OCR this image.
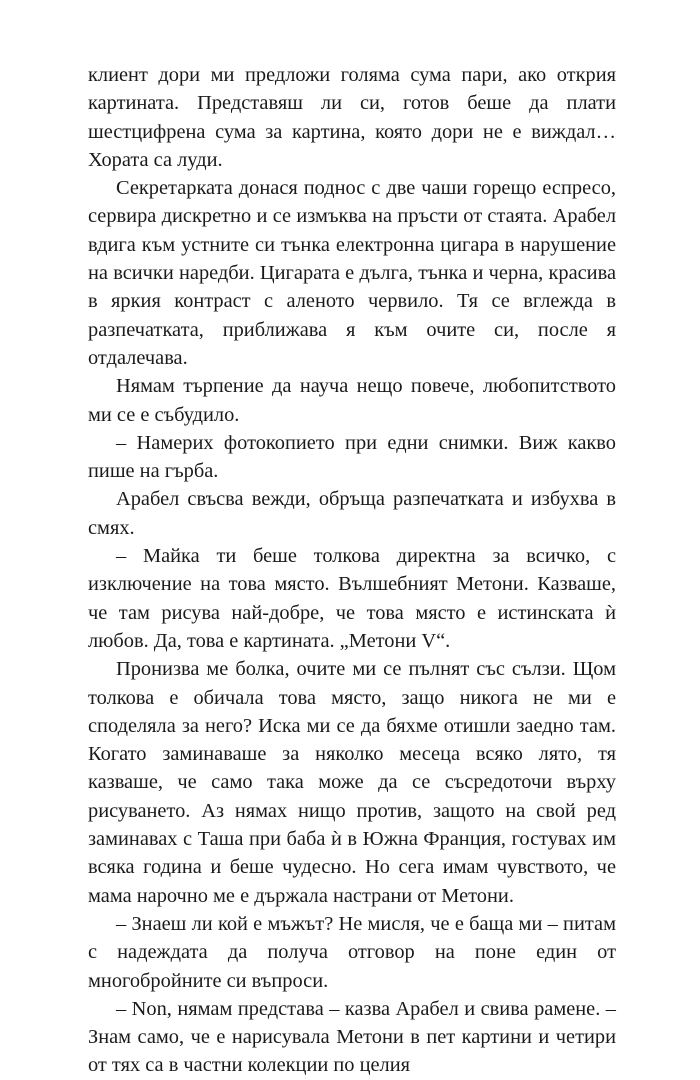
клиент дори ми предложи голяма сума пари, ако открия картината. Представяш ли си, готов беше да плати шестцифрена сума за картина, която дори не е виждал… Хората са луди.

Секретарката донася поднос с две чаши горещо еспресо, сервира дискретно и се измъква на пръсти от стаята. Арабел вдига към устните си тънка електронна цигара в нарушение на всички наредби. Цигарата е дълга, тънка и черна, красива в яркия контраст с аленото червило. Тя се вглежда в разпечатката, приближава я към очите си, после я отдалечава.

Нямам търпение да науча нещо повече, любопитството ми се е събудило.

– Намерих фотокопието при едни снимки. Виж какво пише на гърба.

Арабел свъсва вежди, обръща разпечатката и избухва в смях.

– Майка ти беше толкова директна за всичко, с изключение на това място. Вълшебният Метони. Казваше, че там рисува най-добре, че това място е истинската ѝ любов. Да, това е картината. „Метони V“.

Пронизва ме болка, очите ми се пълнят със сълзи. Щом толкова е обичала това място, защо никога не ми е споделяла за него? Иска ми се да бяхме отишли заедно там. Когато заминаваше за няколко месеца всяко лято, тя казваше, че само така може да се съсредоточи върху рисуването. Аз нямах нищо против, защото на свой ред заминавах с Таша при баба ѝ в Южна Франция, гостувах им всяка година и беше чудесно. Но сега имам чувството, че мама нарочно ме е държала настрани от Метони.

– Знаеш ли кой е мъжът? Не мисля, че е баща ми – питам с надеждата да получа отговор на поне един от многобройните си въпроси.

– Non, нямам представа – казва Арабел и свива рамене. – Знам само, че е нарисувала Метони в пет картини и четири от тях са в частни колекции по целия
